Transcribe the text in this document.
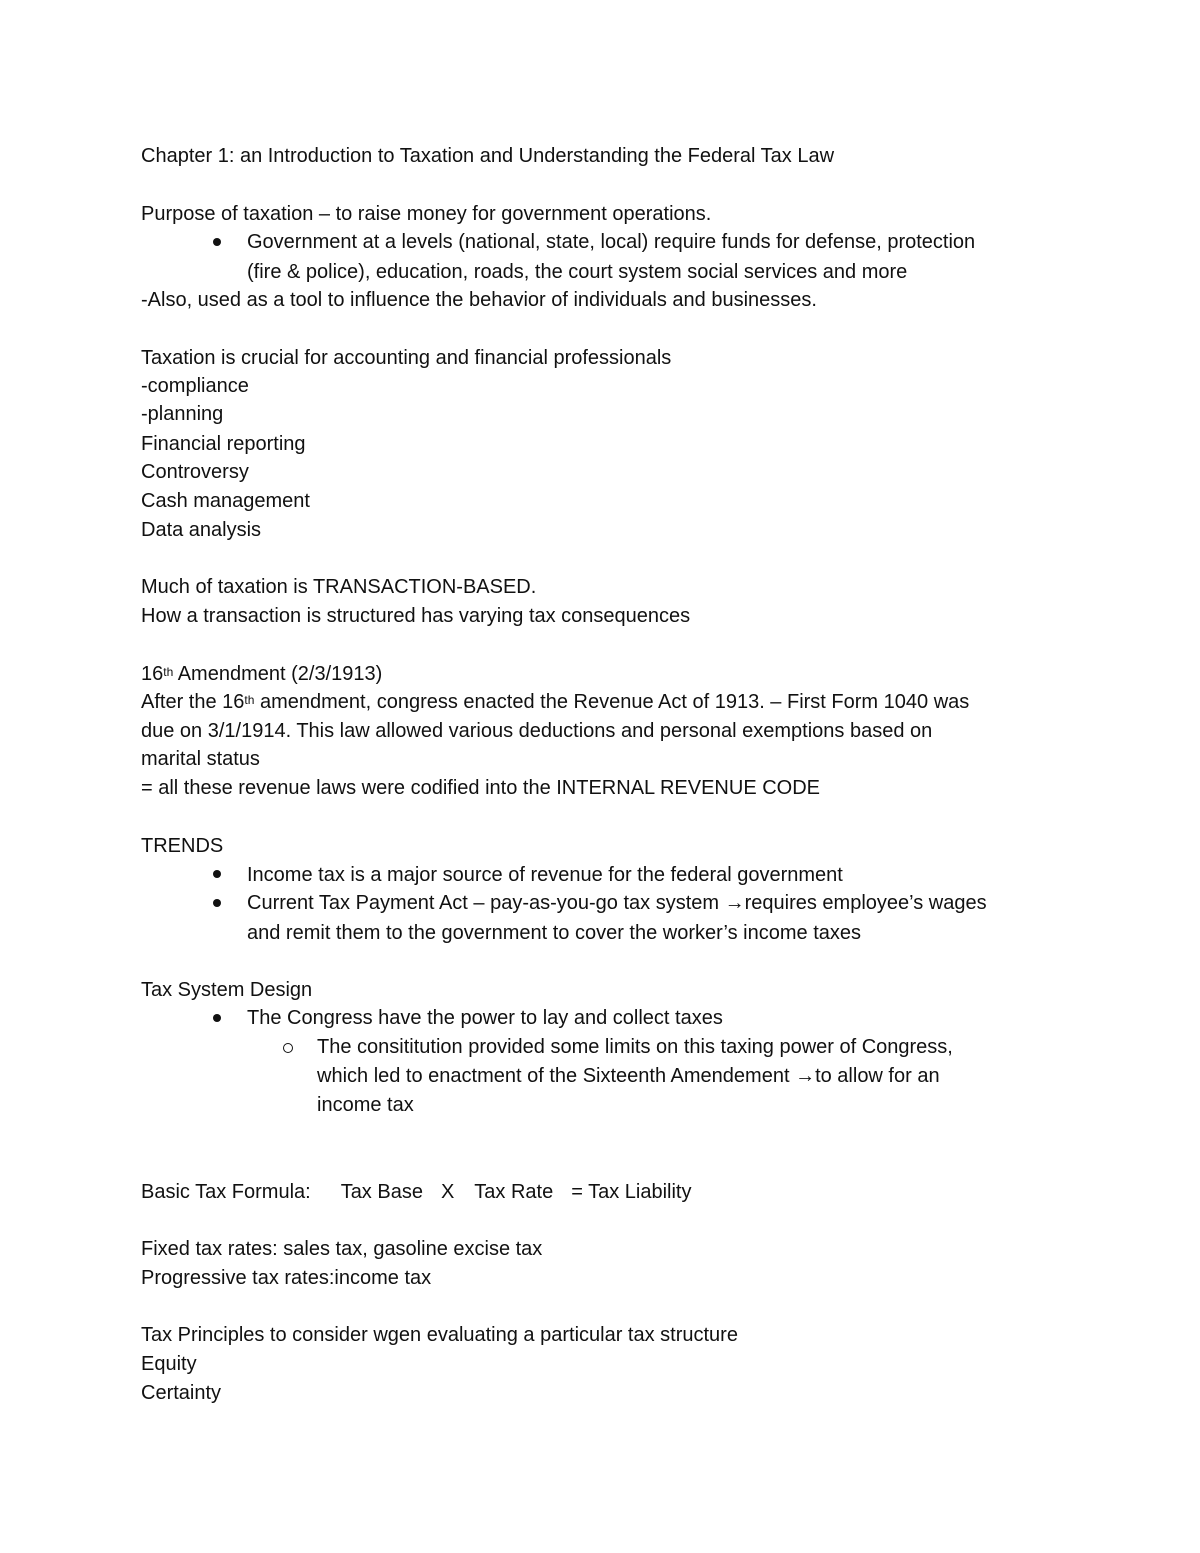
Chapter 1: an Introduction to Taxation and Understanding the Federal Tax Law
Purpose of taxation – to raise money for government operations.
Government at a levels (national, state, local) require funds for defense, protection
(fire & police), education, roads, the court system social services and more
-Also, used as a tool to influence the behavior of individuals and businesses.
Taxation is crucial for accounting and financial professionals
-compliance
-planning
Financial reporting
Controversy
Cash management
Data analysis
Much of taxation is TRANSACTION-BASED.
How a transaction is structured has varying tax consequences
16th Amendment (2/3/1913)
After the 16th amendment, congress enacted the Revenue Act of 1913. – First Form 1040 was
due on 3/1/1914. This law allowed various deductions and personal exemptions based on
marital status
= all these revenue laws were codified into the INTERNAL REVENUE CODE
TRENDS
Income tax is a major source of revenue for the federal government
Current Tax Payment Act – pay-as-you-go tax system →requires employee’s wages
and remit them to the government to cover the worker’s income taxes
Tax System Design
The Congress have the power to lay and collect taxes
The consititution provided some limits on this taxing power of Congress,
which led to enactment of the Sixteenth Amendement →to allow for an
income tax
Basic Tax Formula: Tax Base X Tax Rate = Tax Liability
Fixed tax rates: sales tax, gasoline excise tax
Progressive tax rates:income tax
Tax Principles to consider wgen evaluating a particular tax structure
Equity
Certainty
